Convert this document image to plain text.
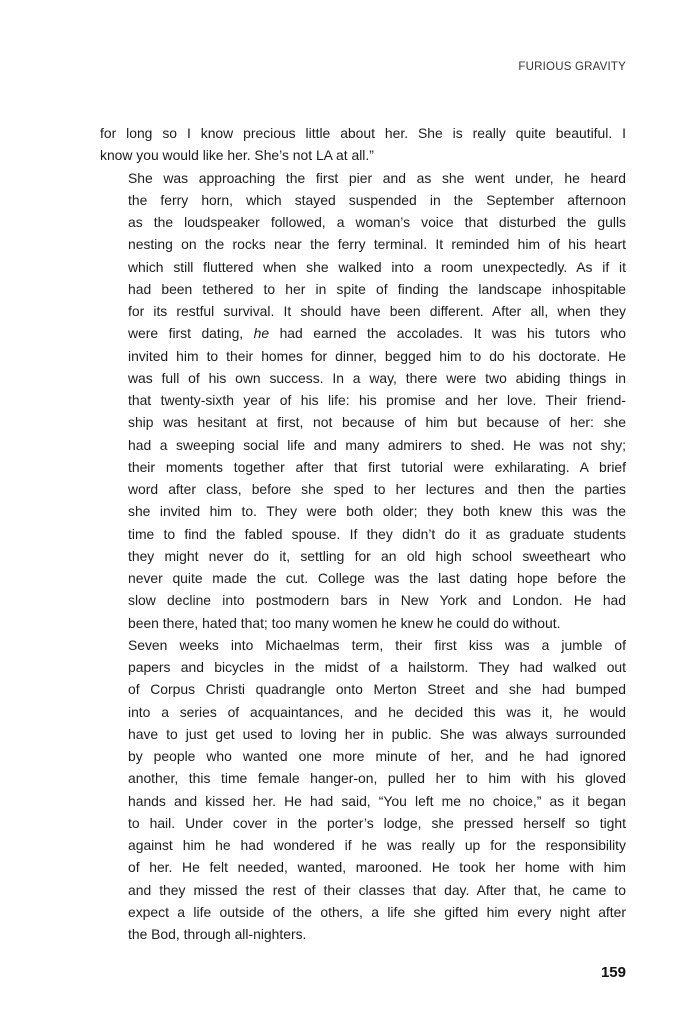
FURIOUS GRAVITY

for long so I know precious little about her. She is really quite beautiful. I
know you would like her. She’s not LA at all.”

She was approaching the first pier and as she went under, he heard
the ferry horn, which stayed suspended in the September afternoon
as the loudspeaker followed, a woman’s voice that disturbed the gulls
nesting on the rocks near the ferry terminal. It reminded him of his heart
which still fluttered when she walked into a room unexpectedly. As if it
had been tethered to her in spite of finding the landscape inhospitable
for its restful survival. It should have been different. After all, when they
were first dating, he had earned the accolades. It was his tutors who
invited him to their homes for dinner, begged him to do his doctorate. He
was full of his own success. In a way, there were two abiding things in
that twenty-sixth year of his life: his promise and her love. Their friend-
ship was hesitant at first, not because of him but because of her: she
had a sweeping social life and many admirers to shed. He was not shy;
their moments together after that first tutorial were exhilarating. A brief
word after class, before she sped to her lectures and then the parties
she invited him to. They were both older; they both knew this was the
time to find the fabled spouse. If they didn’t do it as graduate students
they might never do it, settling for an old high school sweetheart who
never quite made the cut. College was the last dating hope before the
slow decline into postmodern bars in New York and London. He had
been there, hated that; too many women he knew he could do without.

Seven weeks into Michaelmas term, their first kiss was a jumble of
papers and bicycles in the midst of a hailstorm. They had walked out
of Corpus Christi quadrangle onto Merton Street and she had bumped
into a series of acquaintances, and he decided this was it, he would
have to just get used to loving her in public. She was always surrounded
by people who wanted one more minute of her, and he had ignored
another, this time female hanger-on, pulled her to him with his gloved
hands and kissed her. He had said, “You left me no choice,” as it began
to hail. Under cover in the porter’s lodge, she pressed herself so tight
against him he had wondered if he was really up for the responsibility
of her. He felt needed, wanted, marooned. He took her home with him
and they missed the rest of their classes that day. After that, he came to
expect a life outside of the others, a life she gifted him every night after
the Bod, through all-nighters.

159
